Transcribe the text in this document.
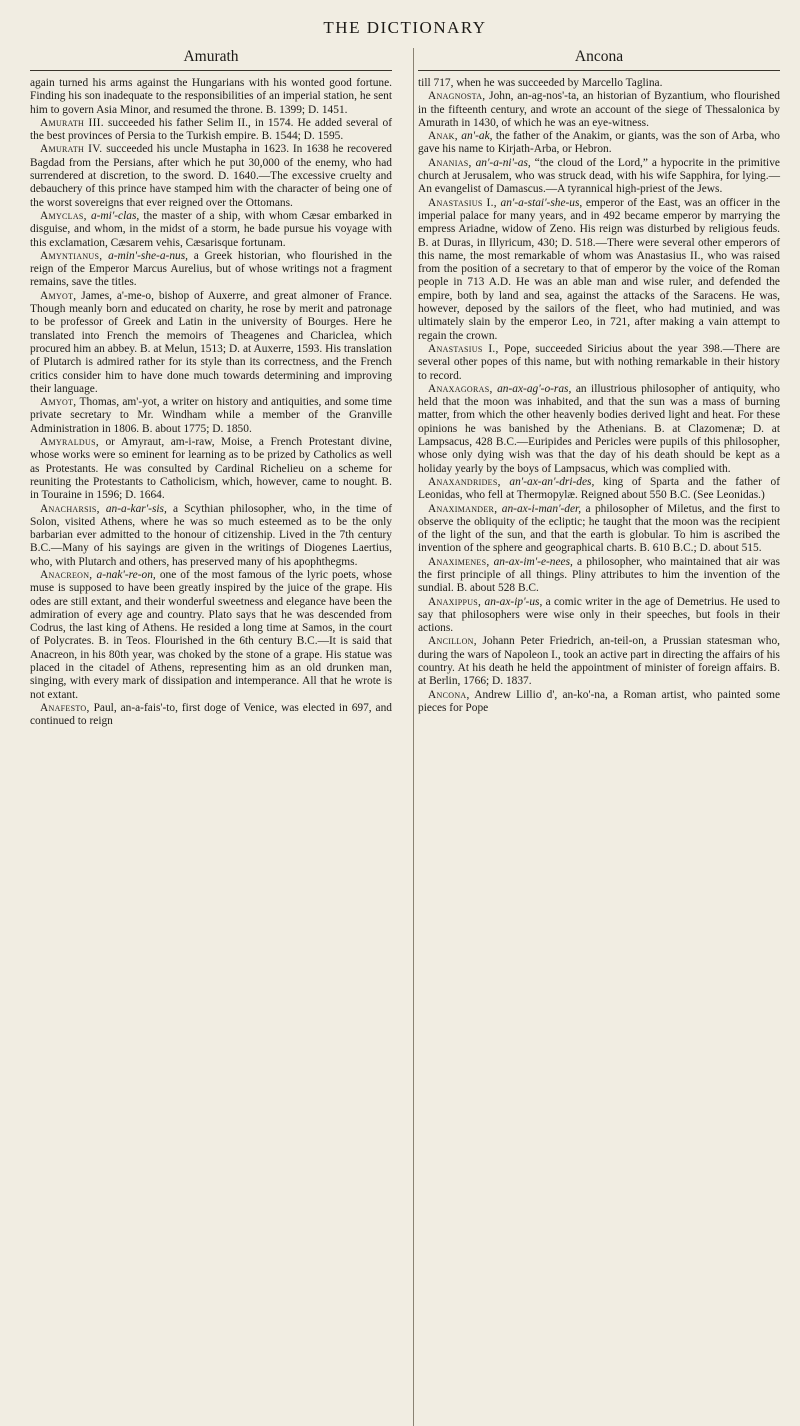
THE DICTIONARY
Amurath

again turned his arms against the Hungarians with his wonted good fortune. Finding his son inadequate to the responsibilities of an imperial station, he sent him to govern Asia Minor, and resumed the throne. B. 1399; D. 1451.

Amurath III. succeeded his father Selim II., in 1574. He added several of the best provinces of Persia to the Turkish empire. B. 1544; D. 1595.

Amurath IV. succeeded his uncle Mustapha in 1623. In 1638 he recovered Bagdad from the Persians, after which he put 30,000 of the enemy, who had surrendered at discretion, to the sword. D. 1640.—The excessive cruelty and debauchery of this prince have stamped him with the character of being one of the worst sovereigns that ever reigned over the Ottomans.

Amyclas, a-mi'-clas, the master of a ship, with whom Cæsar embarked in disguise, and whom, in the midst of a storm, he bade pursue his voyage with this exclamation, Cæsarem vehis, Cæsarisque fortunam.

Amyntianus, a-min'-she-a-nus, a Greek historian, who flourished in the reign of the Emperor Marcus Aurelius, but of whose writings not a fragment remains, save the titles.

Amyot, James, a'-me-o, bishop of Auxerre, and great almoner of France. Though meanly born and educated on charity, he rose by merit and patronage to be professor of Greek and Latin in the university of Bourges. Here he translated into French the memoirs of Theagenes and Chariclea, which procured him an abbey. B. at Melun, 1513; D. at Auxerre, 1593. His translation of Plutarch is admired rather for its style than its correctness, and the French critics consider him to have done much towards determining and improving their language.

Amyot, Thomas, am'-yot, a writer on history and antiquities, and some time private secretary to Mr. Windham while a member of the Granville Administration in 1806. B. about 1775; D. 1850.

Amyraldus, or Amyraut, am-i-raw, Moise, a French Protestant divine, whose works were so eminent for learning as to be prized by Catholics as well as Protestants. He was consulted by Cardinal Richelieu on a scheme for reuniting the Protestants to Catholicism, which, however, came to nought. B. in Touraine in 1596; D. 1664.

Anacharsis, an-a-kar'-sis, a Scythian philosopher, who, in the time of Solon, visited Athens, where he was so much esteemed as to be the only barbarian ever admitted to the honour of citizenship. Lived in the 7th century B.C.—Many of his sayings are given in the writings of Diogenes Laertius, who, with Plutarch and others, has preserved many of his apophthegms.

Anacreon, a-nak'-re-on, one of the most famous of the lyric poets, whose muse is supposed to have been greatly inspired by the juice of the grape. His odes are still extant, and their wonderful sweetness and elegance have been the admiration of every age and country. Plato says that he was descended from Codrus, the last king of Athens. He resided a long time at Samos, in the court of Polycrates. B. in Teos. Flourished in the 6th century B.C.—It is said that Anacreon, in his 80th year, was choked by the stone of a grape. His statue was placed in the citadel of Athens, representing him as an old drunken man, singing, with every mark of dissipation and intemperance. All that he wrote is not extant.

Anafesto, Paul, an-a-fais'-to, first doge of Venice, was elected in 697, and continued to reign

Ancona

till 717, when he was succeeded by Marcello Taglina.

Anagnosta, John, an-ag-nos'-ta, an historian of Byzantium, who flourished in the fifteenth century, and wrote an account of the siege of Thessalonica by Amurath in 1430, of which he was an eye-witness.

Anak, an'-ak, the father of the Anakim, or giants, was the son of Arba, who gave his name to Kirjath-Arba, or Hebron.

Ananias, an'-a-ni'-as, “the cloud of the Lord,” a hypocrite in the primitive church at Jerusalem, who was struck dead, with his wife Sapphira, for lying.—An evangelist of Damascus.—A tyrannical high-priest of the Jews.

Anastasius I., an'-a-stai'-she-us, emperor of the East, was an officer in the imperial palace for many years, and in 492 became emperor by marrying the empress Ariadne, widow of Zeno. His reign was disturbed by religious feuds. B. at Duras, in Illyricum, 430; D. 518.—There were several other emperors of this name, the most remarkable of whom was Anastasius II., who was raised from the position of a secretary to that of emperor by the voice of the Roman people in 713 A.D. He was an able man and wise ruler, and defended the empire, both by land and sea, against the attacks of the Saracens. He was, however, deposed by the sailors of the fleet, who had mutinied, and was ultimately slain by the emperor Leo, in 721, after making a vain attempt to regain the crown.

Anastasius I., Pope, succeeded Siricius about the year 398.—There are several other popes of this name, but with nothing remarkable in their history to record.

Anaxagoras, an-ax-ag'-o-ras, an illustrious philosopher of antiquity, who held that the moon was inhabited, and that the sun was a mass of burning matter, from which the other heavenly bodies derived light and heat. For these opinions he was banished by the Athenians. B. at Clazomenæ; D. at Lampsacus, 428 B.C.—Euripides and Pericles were pupils of this philosopher, whose only dying wish was that the day of his death should be kept as a holiday yearly by the boys of Lampsacus, which was complied with.

Anaxandrides, an'-ax-an'-dri-des, king of Sparta and the father of Leonidas, who fell at Thermopylæ. Reigned about 550 B.C. (See Leonidas.)

Anaximander, an-ax-i-man'-der, a philosopher of Miletus, and the first to observe the obliquity of the ecliptic; he taught that the moon was the recipient of the light of the sun, and that the earth is globular. To him is ascribed the invention of the sphere and geographical charts. B. 610 B.C.; D. about 515.

Anaximenes, an-ax-im'-e-nees, a philosopher, who maintained that air was the first principle of all things. Pliny attributes to him the invention of the sundial. B. about 528 B.C.

Anaxippus, an-ax-ip'-us, a comic writer in the age of Demetrius. He used to say that philosophers were wise only in their speeches, but fools in their actions.

Ancillon, Johann Peter Friedrich, an-teil-on, a Prussian statesman who, during the wars of Napoleon I., took an active part in directing the affairs of his country. At his death he held the appointment of minister of foreign affairs. B. at Berlin, 1766; D. 1837.

Ancona, Andrew Lillio d', an-ko'-na, a Roman artist, who painted some pieces for Pope
